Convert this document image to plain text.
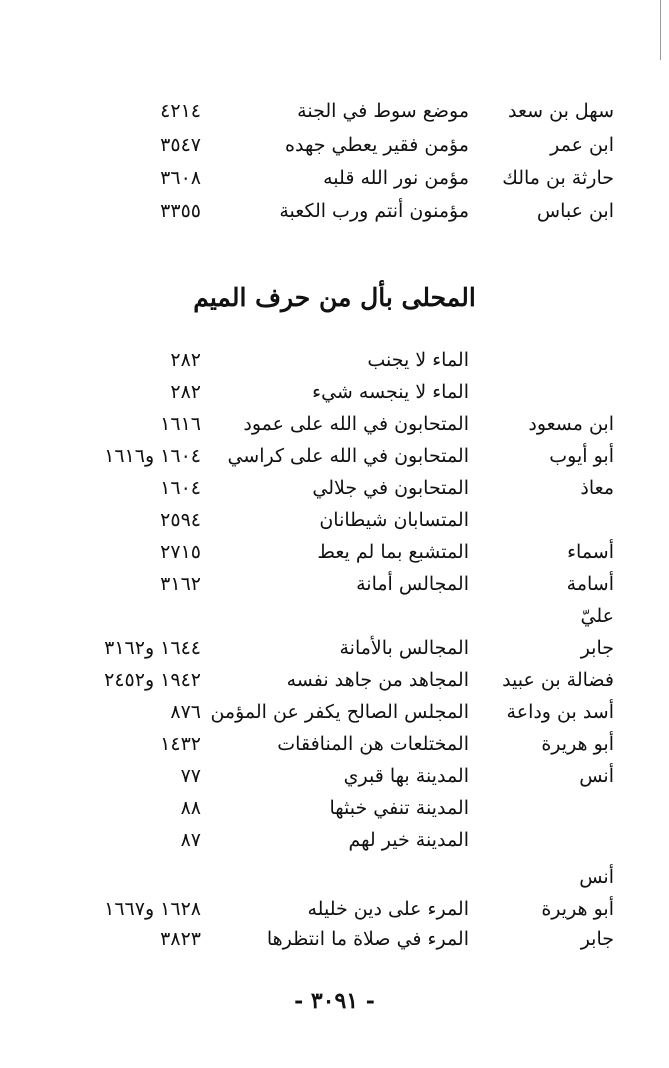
سهل بن سعد
موضع سوط في الجنة
٤٢١٤
ابن عمر
مؤمن فقير يعطي جهده
٣٥٤٧
حارثة بن مالك
مؤمن نور الله قلبه
٣٦٠٨
ابن عباس
مؤمنون أنتم ورب الكعبة
٣٣٥٥
المحلى بأل من حرف الميم
الماء لا يجنب
٢٨٢
الماء لا ينجسه شيء
٢٨٢
ابن مسعود
المتحابون في الله على عمود
١٦١٦
أبو أيوب
المتحابون في الله على كراسي
١٦٠٤ و١٦١٦
معاذ
المتحابون في جلالي
١٦٠٤
المتسابان شيطانان
٢٥٩٤
أسماء
المتشبع بما لم يعط
٢٧١٥
أسامة
المجالس أمانة
٣١٦٢
عليّ
جابر
المجالس بالأمانة
١٦٤٤ و٣١٦٢
فضالة بن عبيد
المجاهد من جاهد نفسه
١٩٤٢ و٢٤٥٢
أسد بن وداعة
المجلس الصالح يكفر عن المؤمن
٨٧٦
أبو هريرة
المختلعات هن المنافقات
١٤٣٢
أنس
المدينة بها قبري
٧٧
المدينة تنفي خبثها
٨٨
المدينة خير لهم
٨٧
أنس
أبو هريرة
المرء على دين خليله
١٦٢٨ و١٦٦٧
جابر
المرء في صلاة ما انتظرها
٣٨٢٣
- ٣٠٩١ -
